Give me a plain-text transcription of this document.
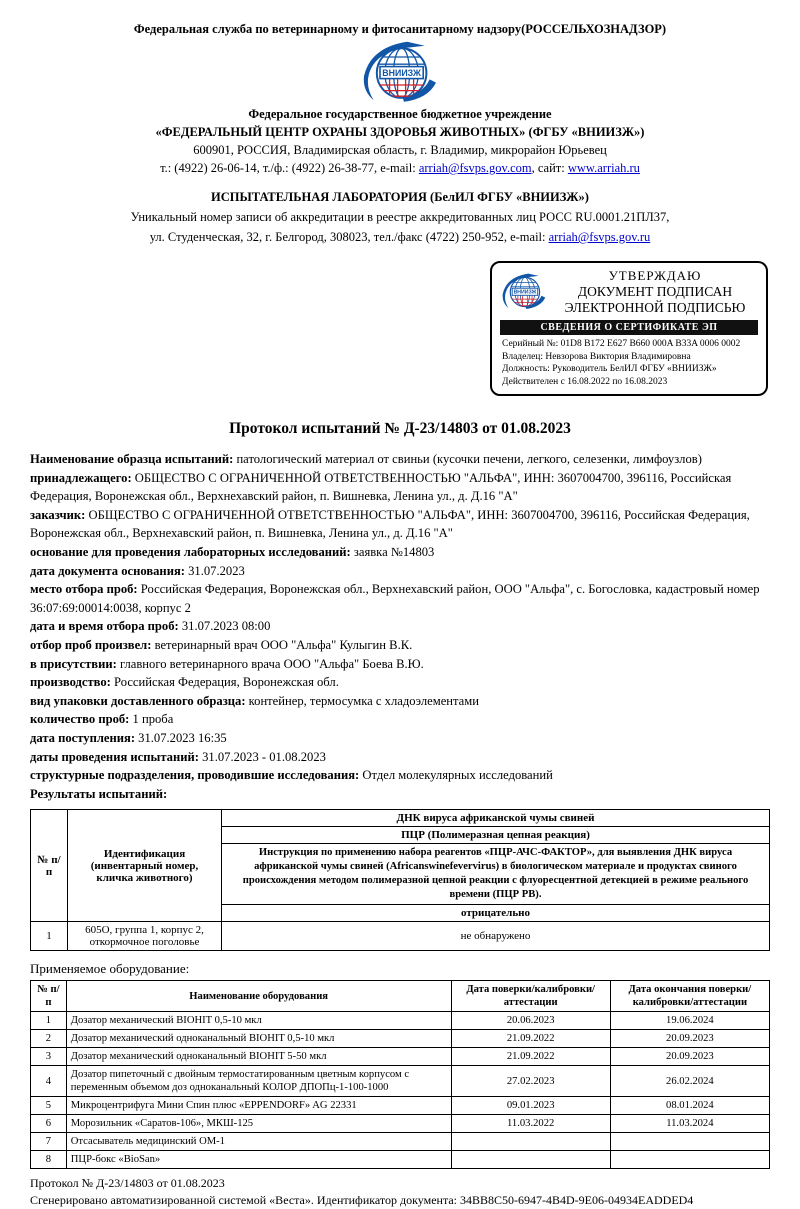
Федеральная служба по ветеринарному и фитосанитарному надзору(РОССЕЛЬХОЗНАДЗОР)
ВНИИЗЖ
Федеральное государственное бюджетное учреждение
«ФЕДЕРАЛЬНЫЙ ЦЕНТР ОХРАНЫ ЗДОРОВЬЯ ЖИВОТНЫХ» (ФГБУ «ВНИИЗЖ»)
600901, РОССИЯ, Владимирская область, г. Владимир, микрорайон Юрьевец
т.: (4922) 26-06-14, т./ф.: (4922) 26-38-77, e-mail: arriah@fsvps.gov.com, сайт: www.arriah.ru
ИСПЫТАТЕЛЬНАЯ ЛАБОРАТОРИЯ (БелИЛ ФГБУ «ВНИИЗЖ»)
Уникальный номер записи об аккредитации в реестре аккредитованных лиц РОСС RU.0001.21ПЛ37,
ул. Студенческая, 32, г. Белгород, 308023, тел./факс (4722) 250-952, e-mail: arriah@fsvps.gov.ru
ВНИИЗЖ
УТВЕРЖДАЮ
ДОКУМЕНТ ПОДПИСАН
ЭЛЕКТРОННОЙ ПОДПИСЬЮ
СВЕДЕНИЯ О СЕРТИФИКАТЕ ЭП
Серийный №: 01D8 B172 E627 B660 000A B33A 0006 0002
Владелец: Невзорова Виктория Владимировна
Должность: Руководитель БелИЛ ФГБУ «ВНИИЗЖ»
Действителен с 16.08.2022 по 16.08.2023
Протокол испытаний № Д-23/14803 от 01.08.2023
Наименование образца испытаний: патологический материал от свиньи (кусочки печени, легкого, селезенки, лимфоузлов)
принадлежащего: ОБЩЕСТВО С ОГРАНИЧЕННОЙ ОТВЕТСТВЕННОСТЬЮ "АЛЬФА", ИНН: 3607004700, 396116, Российская Федерация, Воронежская обл., Верхнехавский район, п. Вишневка, Ленина ул., д. Д.16 "А"
заказчик: ОБЩЕСТВО С ОГРАНИЧЕННОЙ ОТВЕТСТВЕННОСТЬЮ "АЛЬФА", ИНН: 3607004700, 396116, Российская Федерация, Воронежская обл., Верхнехавский район, п. Вишневка, Ленина ул., д. Д.16 "А"
основание для проведения лабораторных исследований: заявка №14803
дата документа основания: 31.07.2023
место отбора проб: Российская Федерация, Воронежская обл., Верхнехавский район, ООО "Альфа", с. Богословка, кадастровый номер 36:07:69:00014:0038, корпус 2
дата и время отбора проб: 31.07.2023 08:00
отбор проб произвел: ветеринарный врач ООО "Альфа" Кулыгин В.К.
в присутствии: главного ветеринарного врача ООО "Альфа" Боева В.Ю.
производство: Российская Федерация, Воронежская обл.
вид упаковки доставленного образца: контейнер, термосумка с хладоэлементами
количество проб: 1 проба
дата поступления: 31.07.2023 16:35
даты проведения испытаний: 31.07.2023 - 01.08.2023
структурные подразделения, проводившие исследования: Отдел молекулярных исследований
Результаты испытаний:
№ п/п	Идентификация (инвентарный номер, кличка животного)	ДНК вируса африканской чумы свиней
		ПЦР (Полимеразная цепная реакция)
		Инструкция по применению набора реагентов «ПЦР-АЧС-ФАКТОР», для выявления ДНК вируса африканской чумы свиней (Africanswinefevervirus) в биологическом материале и продуктах свиного происхождения методом полимеразной цепной реакции с флуоресцентной детекцией в режиме реального времени (ПЦР РВ).
		отрицательно
1	605О, группа 1, корпус 2, откормочное поголовье	не обнаружено
Применяемое оборудование:
№ п/п	Наименование оборудования	Дата поверки/калибровки/аттестации	Дата окончания поверки/калибровки/аттестации
1	Дозатор механический BIOHIT 0,5-10 мкл	20.06.2023	19.06.2024
2	Дозатор механический одноканальный BIOHIT 0,5-10 мкл	21.09.2022	20.09.2023
3	Дозатор механический одноканальный BIOHIT 5-50 мкл	21.09.2022	20.09.2023
4	Дозатор пипеточный с двойным термостатированным цветным корпусом с переменным объемом доз одноканальный КОЛОР ДПОПц-1-100-1000	27.02.2023	26.02.2024
5	Микроцентрифуга Мини Спин плюс «EPPENDORF» AG 22331	09.01.2023	08.01.2024
6	Морозильник «Саратов-106», МКШ-125	11.03.2022	11.03.2024
7	Отсасыватель медицинский ОМ-1		
8	ПЦР-бокс «BioSan»		
Протокол № Д-23/14803 от 01.08.2023
Сгенерировано автоматизированной системой «Веста». Идентификатор документа: 34BB8C50-6947-4B4D-9E06-04934EADDED4
